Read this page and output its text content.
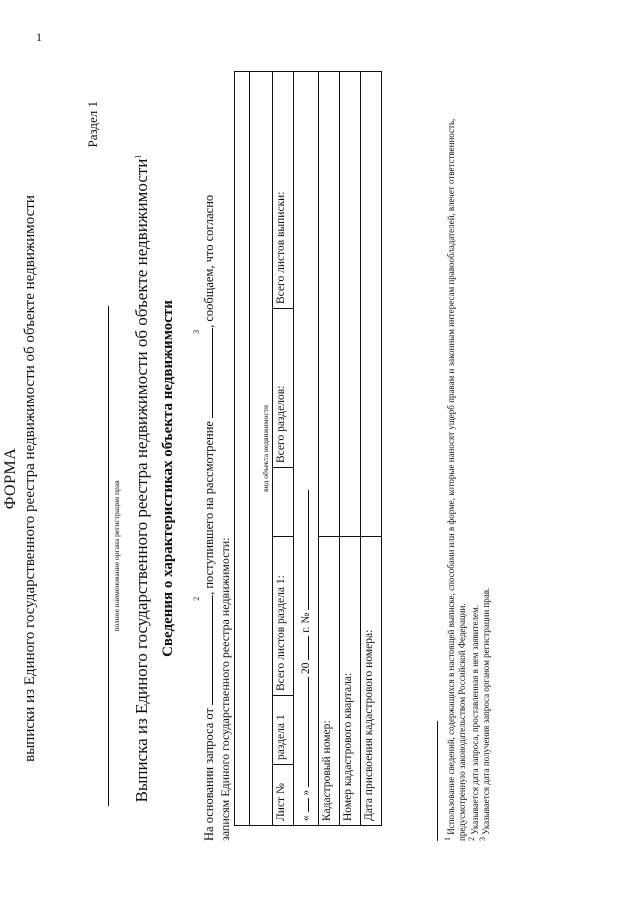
1

ФОРМА выписки из Единого государственного реестра недвижимости об объекте недвижимости
Раздел 1
полное наименование органа регистрации прав Выписка из Единого государственного реестра недвижимости об объекте недвижимости$^1$
Сведения о характеристиках объекта недвижимости
На основании запроса от
2
, поступившего на рассмотрение
3
, сообщаем, что согласно
записям Единого государственного реестра недвижимости:

вид объекта недвижимости					

Лист №	раздела 1	Всего листов раздела 1:		Всего разделов:	Всего листов выписки:
«  »  20  г. №					
Кадастровый номер:					
Номер кадастрового квартала:					
Дата присвоения кадастрового номера:					
$^1$ Использование сведений, содержащихся в настоящей выписке, способами или в форме, которые наносят ущерб правам и законным интересам правообладателей, влечет ответственность, предусмотренную законодательством Российской Федерации. $^2$ Указывается дата запроса, проставленная в нем заявителем.
$^3$ Указывается дата получения запроса органом регистрации прав.
